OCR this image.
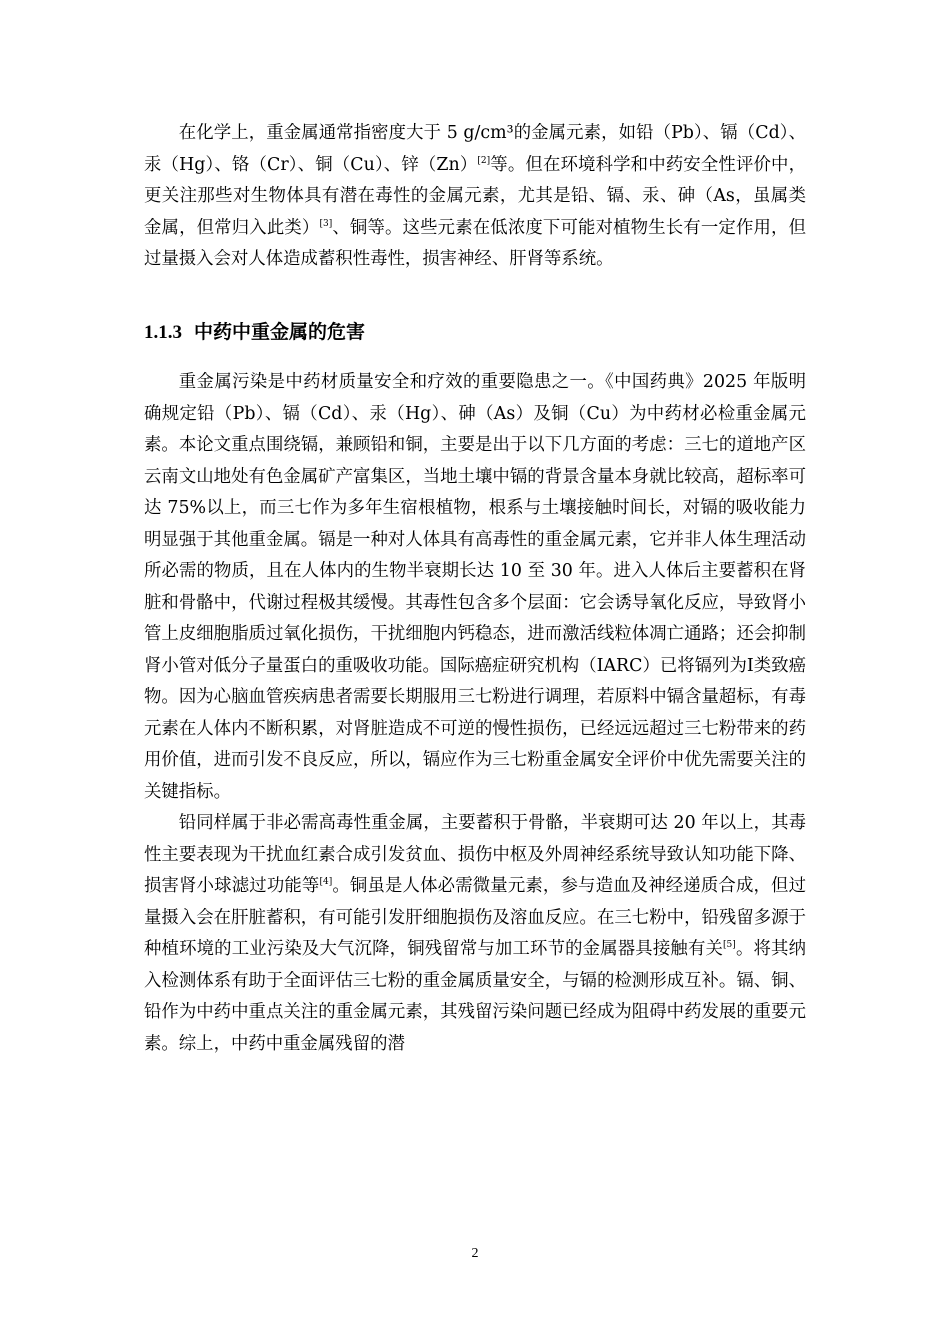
在化学上，重金属通常指密度大于 5 g/cm³的金属元素，如铅（Pb）、镉（Cd）、汞（Hg）、铬（Cr）、铜（Cu）、锌（Zn）[2]等。但在环境科学和中药安全性评价中，更关注那些对生物体具有潜在毒性的金属元素，尤其是铅、镉、汞、砷（As，虽属类金属，但常归入此类）[3]、铜等。这些元素在低浓度下可能对植物生长有一定作用，但过量摄入会对人体造成蓄积性毒性，损害神经、肝肾等系统。

1.1.3 中药中重金属的危害

重金属污染是中药材质量安全和疗效的重要隐患之一。《中国药典》2025 年版明确规定铅（Pb）、镉（Cd）、汞（Hg）、砷（As）及铜（Cu）为中药材必检重金属元素。本论文重点围绕镉，兼顾铅和铜，主要是出于以下几方面的考虑：三七的道地产区云南文山地处有色金属矿产富集区，当地土壤中镉的背景含量本身就比较高，超标率可达 75%以上，而三七作为多年生宿根植物，根系与土壤接触时间长，对镉的吸收能力明显强于其他重金属。镉是一种对人体具有高毒性的重金属元素，它并非人体生理活动所必需的物质，且在人体内的生物半衰期长达 10 至 30 年。进入人体后主要蓄积在肾脏和骨骼中，代谢过程极其缓慢。其毒性包含多个层面：它会诱导氧化反应，导致肾小管上皮细胞脂质过氧化损伤，干扰细胞内钙稳态，进而激活线粒体凋亡通路；还会抑制肾小管对低分子量蛋白的重吸收功能。国际癌症研究机构（IARC）已将镉列为Ⅰ类致癌物。因为心脑血管疾病患者需要长期服用三七粉进行调理，若原料中镉含量超标，有毒元素在人体内不断积累，对肾脏造成不可逆的慢性损伤，已经远远超过三七粉带来的药用价值，进而引发不良反应，所以，镉应作为三七粉重金属安全评价中优先需要关注的关键指标。

铅同样属于非必需高毒性重金属，主要蓄积于骨骼，半衰期可达 20 年以上，其毒性主要表现为干扰血红素合成引发贫血、损伤中枢及外周神经系统导致认知功能下降、损害肾小球滤过功能等[4]。铜虽是人体必需微量元素，参与造血及神经递质合成，但过量摄入会在肝脏蓄积，有可能引发肝细胞损伤及溶血反应。在三七粉中，铅残留多源于种植环境的工业污染及大气沉降，铜残留常与加工环节的金属器具接触有关[5]。将其纳入检测体系有助于全面评估三七粉的重金属质量安全，与镉的检测形成互补。镉、铜、铅作为中药中重点关注的重金属元素，其残留污染问题已经成为阻碍中药发展的重要元素。综上，中药中重金属残留的潜

2
